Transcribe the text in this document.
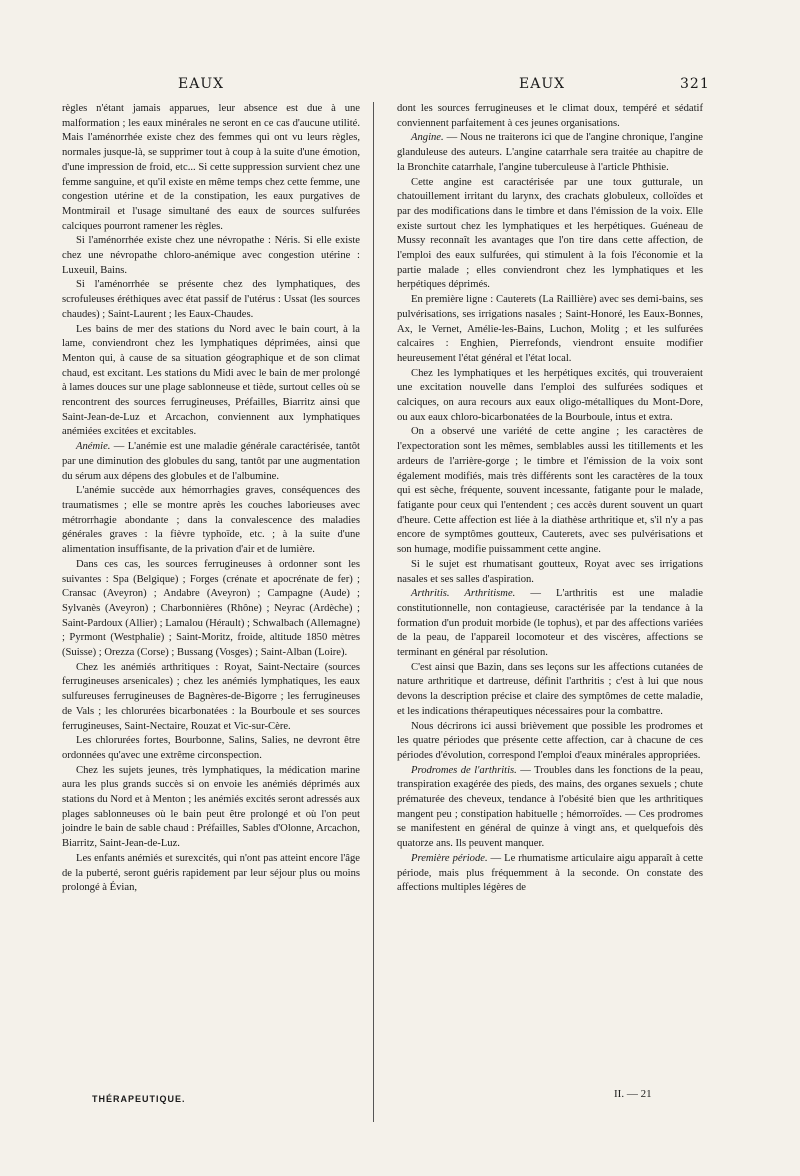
EAUX	EAUX	321

règles n'étant jamais apparues, leur absence est due à une malformation ; les eaux minérales ne seront en ce cas d'aucune utilité. Mais l'aménorrhée existe chez des femmes qui ont vu leurs règles, normales jusque-là, se supprimer tout à coup à la suite d'une émotion, d'une impression de froid, etc... Si cette suppression survient chez une femme sanguine, et qu'il existe en même temps chez cette femme, une congestion utérine et de la constipation, les eaux purgatives de Montmirail et l'usage simultané des eaux de sources sulfurées calciques pourront ramener les règles.

Si l'aménorrhée existe chez une névropathe : Néris. Si elle existe chez une névropathe chloro-anémique avec congestion utérine : Luxeuil, Bains.

Si l'aménorrhée se présente chez des lymphatiques, des scrofuleuses éréthiques avec état passif de l'utérus : Ussat (les sources chaudes) ; Saint-Laurent ; les Eaux-Chaudes.

Les bains de mer des stations du Nord avec le bain court, à la lame, conviendront chez les lymphatiques déprimées, ainsi que Menton qui, à cause de sa situation géographique et de son climat chaud, est excitant. Les stations du Midi avec le bain de mer prolongé à lames douces sur une plage sablonneuse et tiède, surtout celles où se rencontrent des sources ferrugineuses, Préfailles, Biarritz ainsi que Saint-Jean-de-Luz et Arcachon, conviennent aux lymphatiques anémiées excitées et excitables.

Anémie. — L'anémie est une maladie générale caractérisée, tantôt par une diminution des globules du sang, tantôt par une augmentation du sérum aux dépens des globules et de l'albumine.

L'anémie succède aux hémorrhagies graves, conséquences des traumatismes ; elle se montre après les couches laborieuses avec métrorrhagie abondante ; dans la convalescence des maladies générales graves : la fièvre typhoïde, etc. ; à la suite d'une alimentation insuffisante, de la privation d'air et de lumière.

Dans ces cas, les sources ferrugineuses à ordonner sont les suivantes : Spa (Belgique) ; Forges (crénate et apocrénate de fer) ; Cransac (Aveyron) ; Andabre (Aveyron) ; Campagne (Aude) ; Sylvanès (Aveyron) ; Charbonnières (Rhône) ; Neyrac (Ardèche) ; Saint-Pardoux (Allier) ; Lamalou (Hérault) ; Schwalbach (Allemagne) ; Pyrmont (Westphalie) ; Saint-Moritz, froide, altitude 1850 mètres (Suisse) ; Orezza (Corse) ; Bussang (Vosges) ; Saint-Alban (Loire).

Chez les anémiés arthritiques : Royat, Saint-Nectaire (sources ferrugineuses arsenicales) ; chez les anémiés lymphatiques, les eaux sulfureuses ferrugineuses de Bagnères-de-Bigorre ; les ferrugineuses de Vals ; les chlorurées bicarbonatées : la Bourboule et ses sources ferrugineuses, Saint-Nectaire, Rouzat et Vic-sur-Cère.

Les chlorurées fortes, Bourbonne, Salins, Salies, ne devront être ordonnées qu'avec une extrême circonspection.

Chez les sujets jeunes, très lymphatiques, la médication marine aura les plus grands succès si on envoie les anémiés déprimés aux stations du Nord et à Menton ; les anémiés excités seront adressés aux plages sablonneuses où le bain peut être prolongé et où l'on peut joindre le bain de sable chaud : Préfailles, Sables d'Olonne, Arcachon, Biarritz, Saint-Jean-de-Luz.

Les enfants anémiés et surexcités, qui n'ont pas atteint encore l'âge de la puberté, seront guéris rapidement par leur séjour plus ou moins prolongé à Évian,

dont les sources ferrugineuses et le climat doux, tempéré et sédatif conviennent parfaitement à ces jeunes organisations.

Angine. — Nous ne traiterons ici que de l'angine chronique, l'angine glanduleuse des auteurs. L'angine catarrhale sera traitée au chapitre de la Bronchite catarrhale, l'angine tuberculeuse à l'article Phthisie.

Cette angine est caractérisée par une toux gutturale, un chatouillement irritant du larynx, des crachats globuleux, colloïdes et par des modifications dans le timbre et dans l'émission de la voix. Elle existe surtout chez les lymphatiques et les herpétiques. Guéneau de Mussy reconnaît les avantages que l'on tire dans cette affection, de l'emploi des eaux sulfurées, qui stimulent à la fois l'économie et la partie malade ; elles conviendront chez les lymphatiques et les herpétiques déprimés.

En première ligne : Cauterets (La Raillière) avec ses demi-bains, ses pulvérisations, ses irrigations nasales ; Saint-Honoré, les Eaux-Bonnes, Ax, le Vernet, Amélie-les-Bains, Luchon, Molitg ; et les sulfurées calcaires : Enghien, Pierrefonds, viendront ensuite modifier heureusement l'état général et l'état local.

Chez les lymphatiques et les herpétiques excités, qui trouveraient une excitation nouvelle dans l'emploi des sulfurées sodiques et calciques, on aura recours aux eaux oligo-métalliques du Mont-Dore, ou aux eaux chloro-bicarbonatées de la Bourboule, intus et extra.

On a observé une variété de cette angine ; les caractères de l'expectoration sont les mêmes, semblables aussi les titillements et les ardeurs de l'arrière-gorge ; le timbre et l'émission de la voix sont également modifiés, mais très différents sont les caractères de la toux qui est sèche, fréquente, souvent incessante, fatigante pour le malade, fatigante pour ceux qui l'entendent ; ces accès durent souvent un quart d'heure. Cette affection est liée à la diathèse arthritique et, s'il n'y a pas encore de symptômes goutteux, Cauterets, avec ses pulvérisations et son humage, modifie puissamment cette angine.

Si le sujet est rhumatisant goutteux, Royat avec ses irrigations nasales et ses salles d'aspiration.

Arthritis. Arthritisme. — L'arthritis est une maladie constitutionnelle, non contagieuse, caractérisée par la tendance à la formation d'un produit morbide (le tophus), et par des affections variées de la peau, de l'appareil locomoteur et des viscères, affections se terminant en général par résolution.

C'est ainsi que Bazin, dans ses leçons sur les affections cutanées de nature arthritique et dartreuse, définit l'arthritis ; c'est à lui que nous devons la description précise et claire des symptômes de cette maladie, et les indications thérapeutiques nécessaires pour la combattre.

Nous décrirons ici aussi brièvement que possible les prodromes et les quatre périodes que présente cette affection, car à chacune de ces périodes d'évolution, correspond l'emploi d'eaux minérales appropriées.

Prodromes de l'arthritis. — Troubles dans les fonctions de la peau, transpiration exagérée des pieds, des mains, des organes sexuels ; chute prématurée des cheveux, tendance à l'obésité bien que les arthritiques mangent peu ; constipation habituelle ; hémorroïdes. — Ces prodromes se manifestent en général de quinze à vingt ans, et quelquefois dès quatorze ans. Ils peuvent manquer.

Première période. — Le rhumatisme articulaire aigu apparaît à cette période, mais plus fréquemment à la seconde. On constate des affections multiples légères de

THÉRAPEUTIQUE.	II. — 21
